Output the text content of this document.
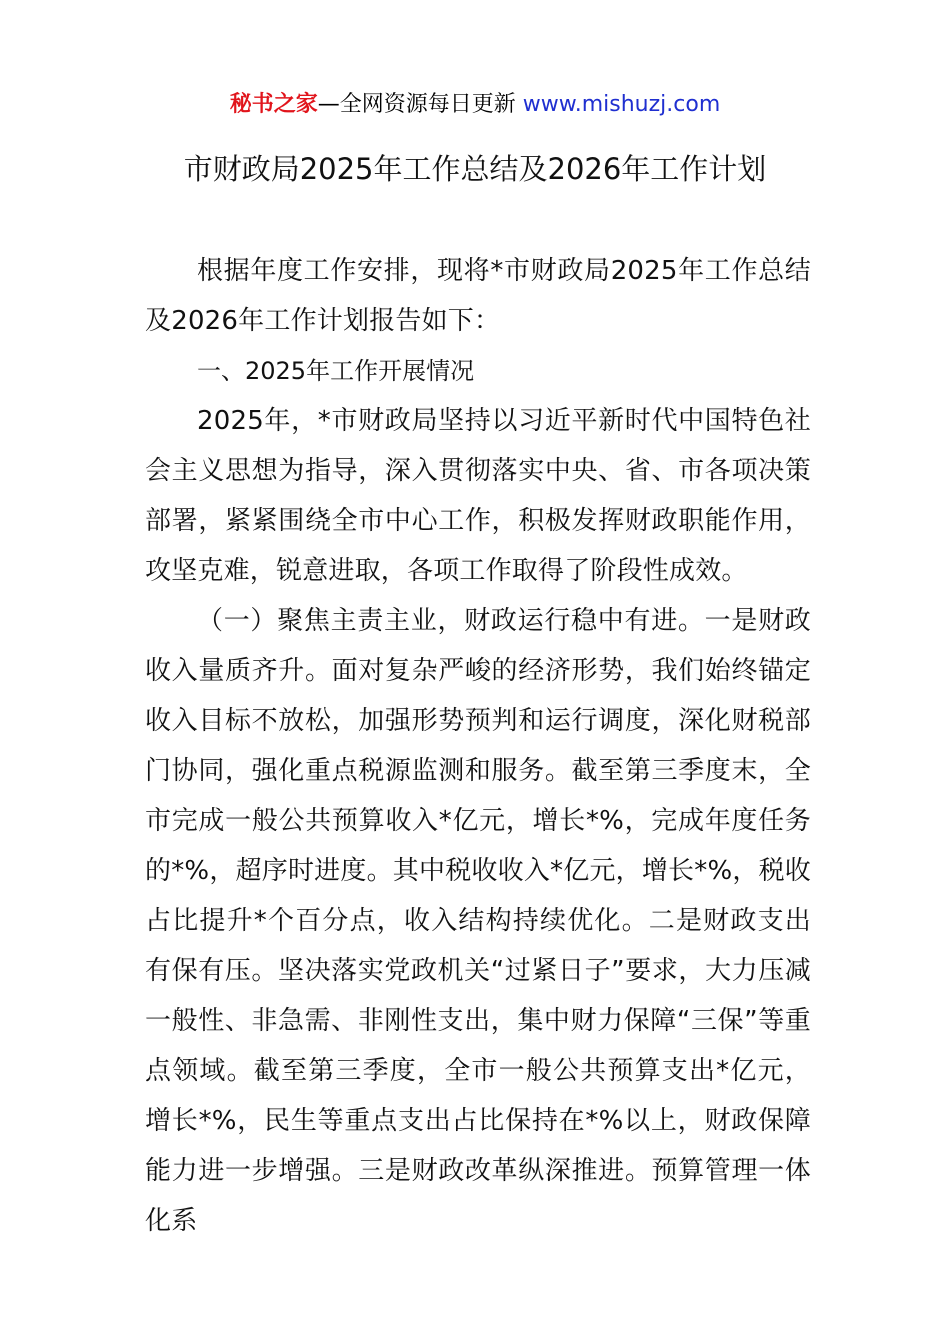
秘书之家—全网资源每日更新 www.mishuzj.com
市财政局2025年工作总结及2026年工作计划

根据年度工作安排，现将*市财政局2025年工作总结及2026年工作计划报告如下：

一、2025年工作开展情况

2025年，*市财政局坚持以习近平新时代中国特色社会主义思想为指导，深入贯彻落实中央、省、市各项决策部署，紧紧围绕全市中心工作，积极发挥财政职能作用，攻坚克难，锐意进取，各项工作取得了阶段性成效。

（一）聚焦主责主业，财政运行稳中有进。一是财政收入量质齐升。面对复杂严峻的经济形势，我们始终锚定收入目标不放松，加强形势预判和运行调度，深化财税部门协同，强化重点税源监测和服务。截至第三季度末，全市完成一般公共预算收入*亿元，增长*%，完成年度任务的*%，超序时进度。其中税收收入*亿元，增长*%，税收占比提升*个百分点，收入结构持续优化。二是财政支出有保有压。坚决落实党政机关“过紧日子”要求，大力压减一般性、非急需、非刚性支出，集中财力保障“三保”等重点领域。截至第三季度，全市一般公共预算支出*亿元，增长*%，民生等重点支出占比保持在*%以上，财政保障能力进一步增强。三是财政改革纵深推进。预算管理一体化系
